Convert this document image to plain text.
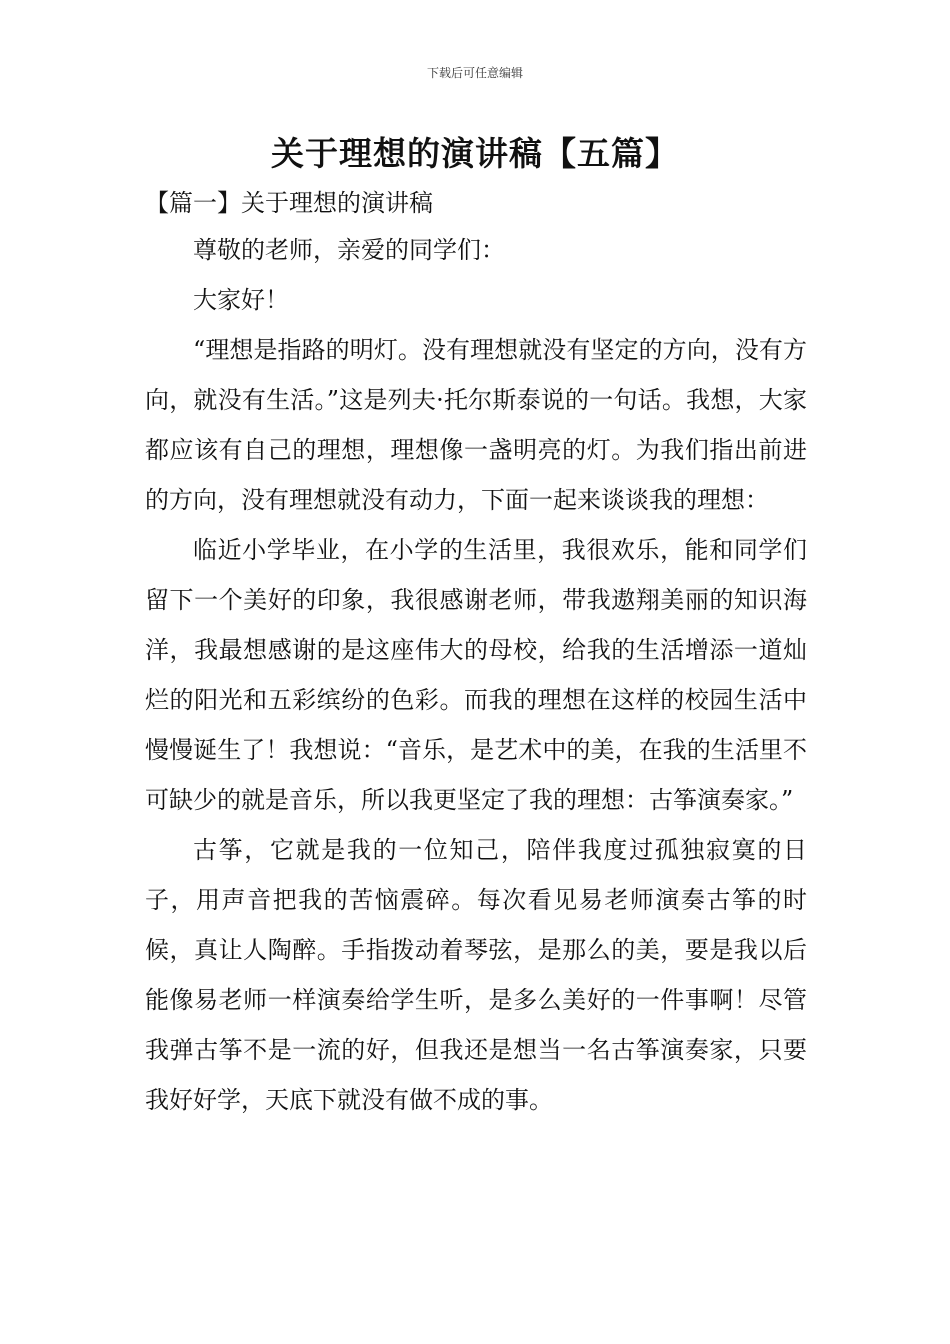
下载后可任意编辑
关于理想的演讲稿【五篇】
【篇一】关于理想的演讲稿

尊敬的老师，亲爱的同学们：

大家好！

“理想是指路的明灯。没有理想就没有坚定的方向，没有方向，就没有生活。”这是列夫·托尔斯泰说的一句话。我想，大家都应该有自己的理想，理想像一盏明亮的灯。为我们指出前进的方向，没有理想就没有动力，下面一起来谈谈我的理想：

临近小学毕业，在小学的生活里，我很欢乐，能和同学们留下一个美好的印象，我很感谢老师，带我遨翔美丽的知识海洋，我最想感谢的是这座伟大的母校，给我的生活增添一道灿烂的阳光和五彩缤纷的色彩。而我的理想在这样的校园生活中慢慢诞生了！我想说：“音乐，是艺术中的美，在我的生活里不可缺少的就是音乐，所以我更坚定了我的理想：古筝演奏家。”

古筝，它就是我的一位知己，陪伴我度过孤独寂寞的日子，用声音把我的苦恼震碎。每次看见易老师演奏古筝的时候，真让人陶醉。手指拨动着琴弦，是那么的美，要是我以后能像易老师一样演奏给学生听，是多么美好的一件事啊！尽管我弹古筝不是一流的好，但我还是想当一名古筝演奏家，只要我好好学，天底下就没有做不成的事。
